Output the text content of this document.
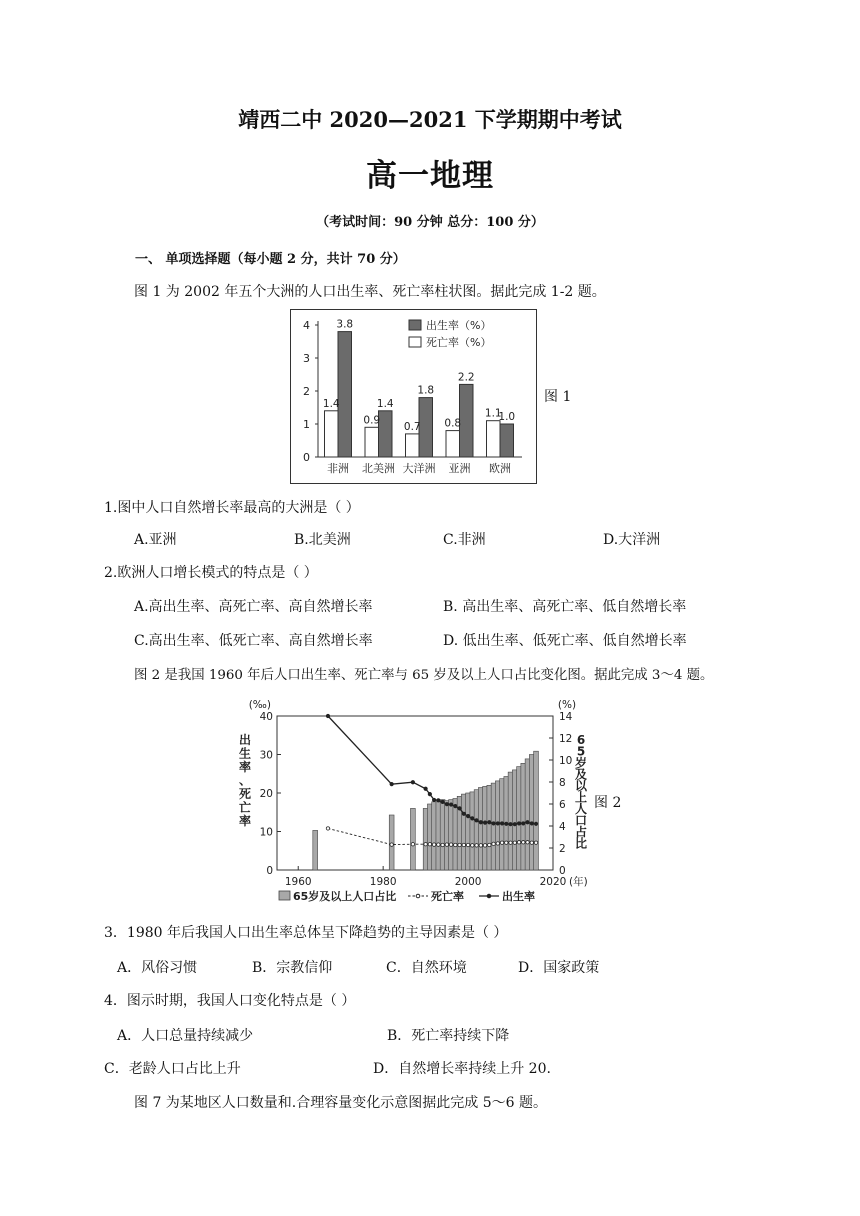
靖西二中 2020—2021 下学期期中考试
高一地理
（考试时间：90 分钟 总分：100 分）
一、 单项选择题（每小题 2 分，共计 70 分）
图 1 为 2002 年五个大洲的人口出生率、死亡率柱状图。据此完成 1-2 题。
0
1
2
3
4
1.4
3.8
非洲
0.9
1.4
北美洲
0.7
1.8
大洋洲
0.8
2.2
亚洲
1.1
1.0
欧洲
出生率（%）
死亡率（%）
图 1
1.图中人口自然增长率最高的大洲是（ ）
A.亚洲	B.北美洲	C.非洲	D.大洋洲
2.欧洲人口增长模式的特点是（ ）
A.高出生率、高死亡率、高自然增长率	B. 高出生率、高死亡率、低自然增长率
C.高出生率、低死亡率、高自然增长率	D. 低出生率、低死亡率、低自然增长率
图 2 是我国 1960 年后人口出生率、死亡率与 65 岁及以上人口占比变化图。据此完成 3～4 题。
0
10
20
30
40
0
2
4
6
8
10
12
14
1960	1980	2000	2020 (年)
(‰)	(%)
出生率、死亡率
6 5 岁及以上人口占比
65岁及以上人口占比	死亡率	出生率
图 2
3．1980 年后我国人口出生率总体呈下降趋势的主导因素是（ ）
A．风俗习惯	B．宗教信仰	C．自然环境	D．国家政策
4．图示时期，我国人口变化特点是（ ）
A．人口总量持续减少	B．死亡率持续下降
C．老龄人口占比上升	D．自然增长率持续上升 20.
图 7 为某地区人口数量和.合理容量变化示意图据此完成 5～6 题。
